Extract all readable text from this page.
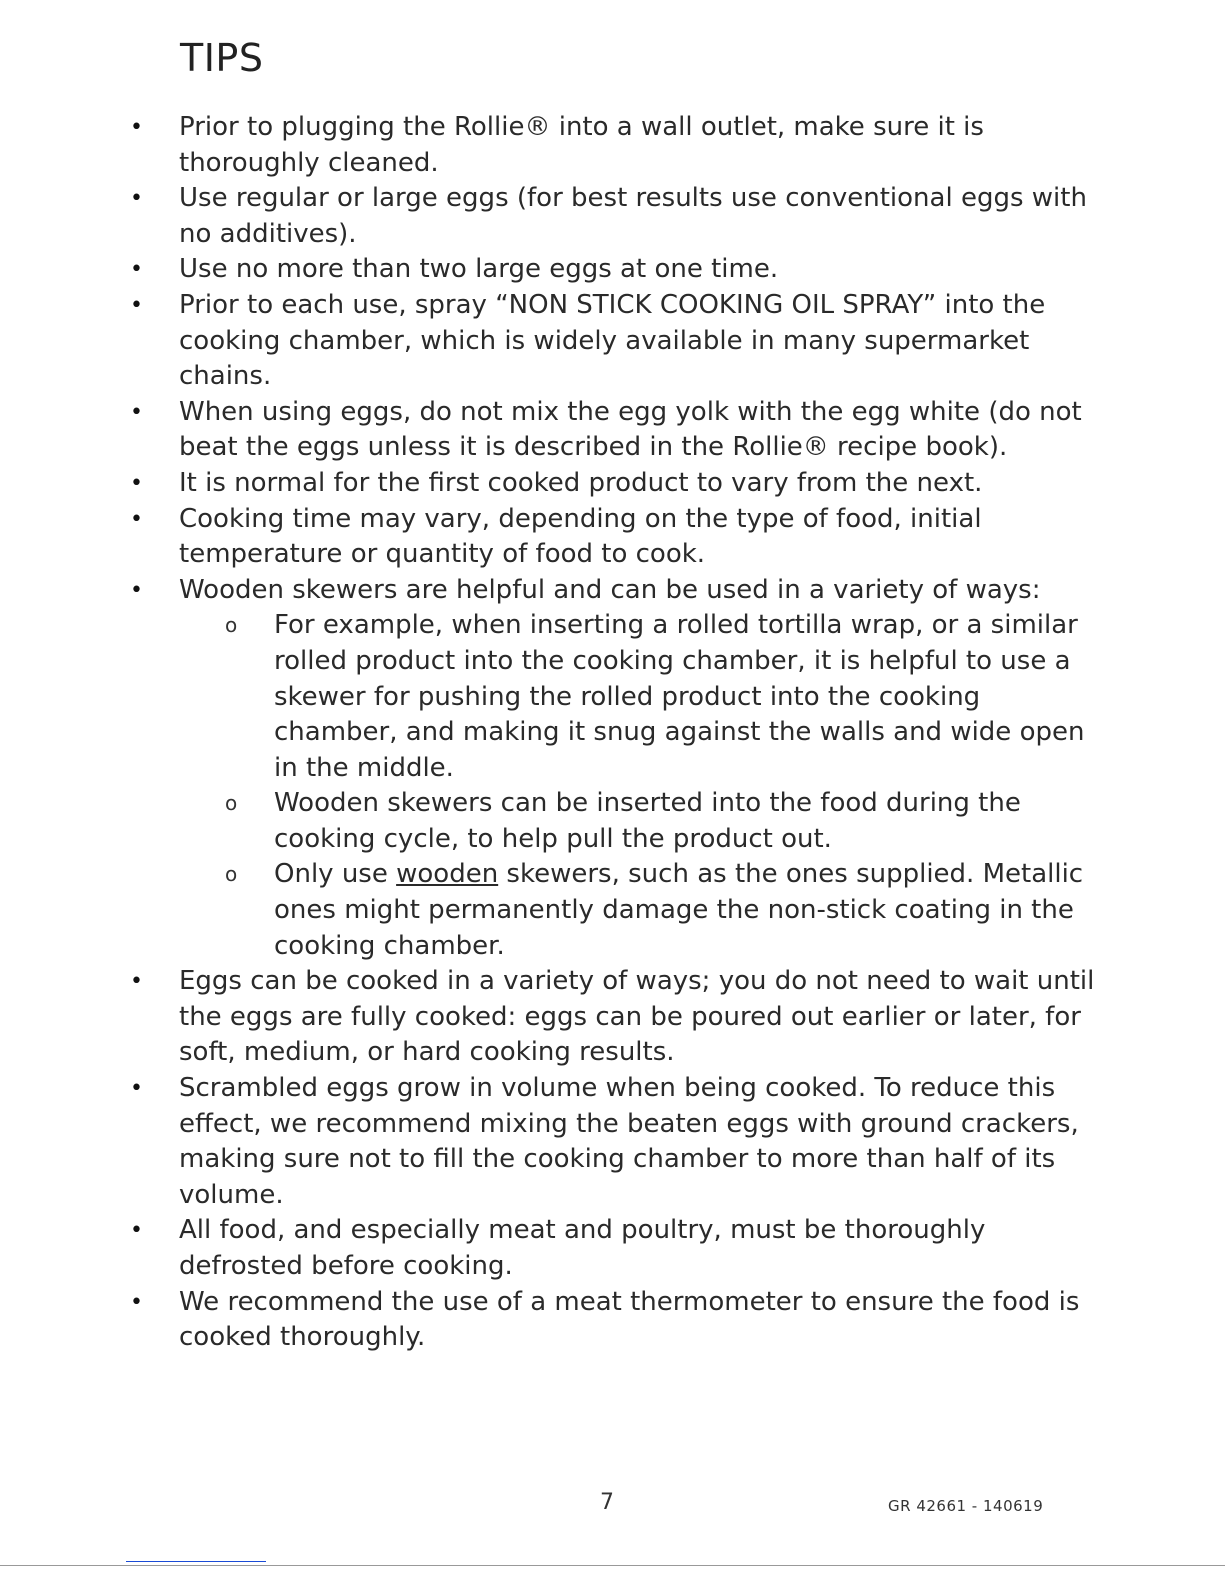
TIPS
•	Prior to plugging the Rollie® into a wall outlet, make sure it is thoroughly cleaned.
•	Use regular or large eggs (for best results use conventional eggs with no additives).
•	Use no more than two large eggs at one time.
•	Prior to each use, spray “NON STICK COOKING OIL SPRAY” into the cooking chamber, which is widely available in many supermarket chains.
•	When using eggs, do not mix the egg yolk with the egg white (do not beat the eggs unless it is described in the Rollie® recipe book).
•	It is normal for the first cooked product to vary from the next.
•	Cooking time may vary, depending on the type of food, initial temperature or quantity of food to cook.
•	Wooden skewers are helpful and can be used in a variety of ways:
o For example, when inserting a rolled tortilla wrap, or a similar rolled product into the cooking chamber, it is helpful to use a skewer for pushing the rolled product into the cooking chamber, and making it snug against the walls and wide open in the middle.
o Wooden skewers can be inserted into the food during the cooking cycle, to help pull the product out.
o Only use wooden skewers, such as the ones supplied. Metallic ones might permanently damage the non-stick coating in the cooking chamber.
•	Eggs can be cooked in a variety of ways; you do not need to wait until the eggs are fully cooked: eggs can be poured out earlier or later, for soft, medium, or hard cooking results.
•	Scrambled eggs grow in volume when being cooked. To reduce this effect, we recommend mixing the beaten eggs with ground crackers, making sure not to fill the cooking chamber to more than half of its volume.
•	All food, and especially meat and poultry, must be thoroughly defrosted before cooking.
•	We recommend the use of a meat thermometer to ensure the food is cooked thoroughly.
7	GR 42661 - 140619
